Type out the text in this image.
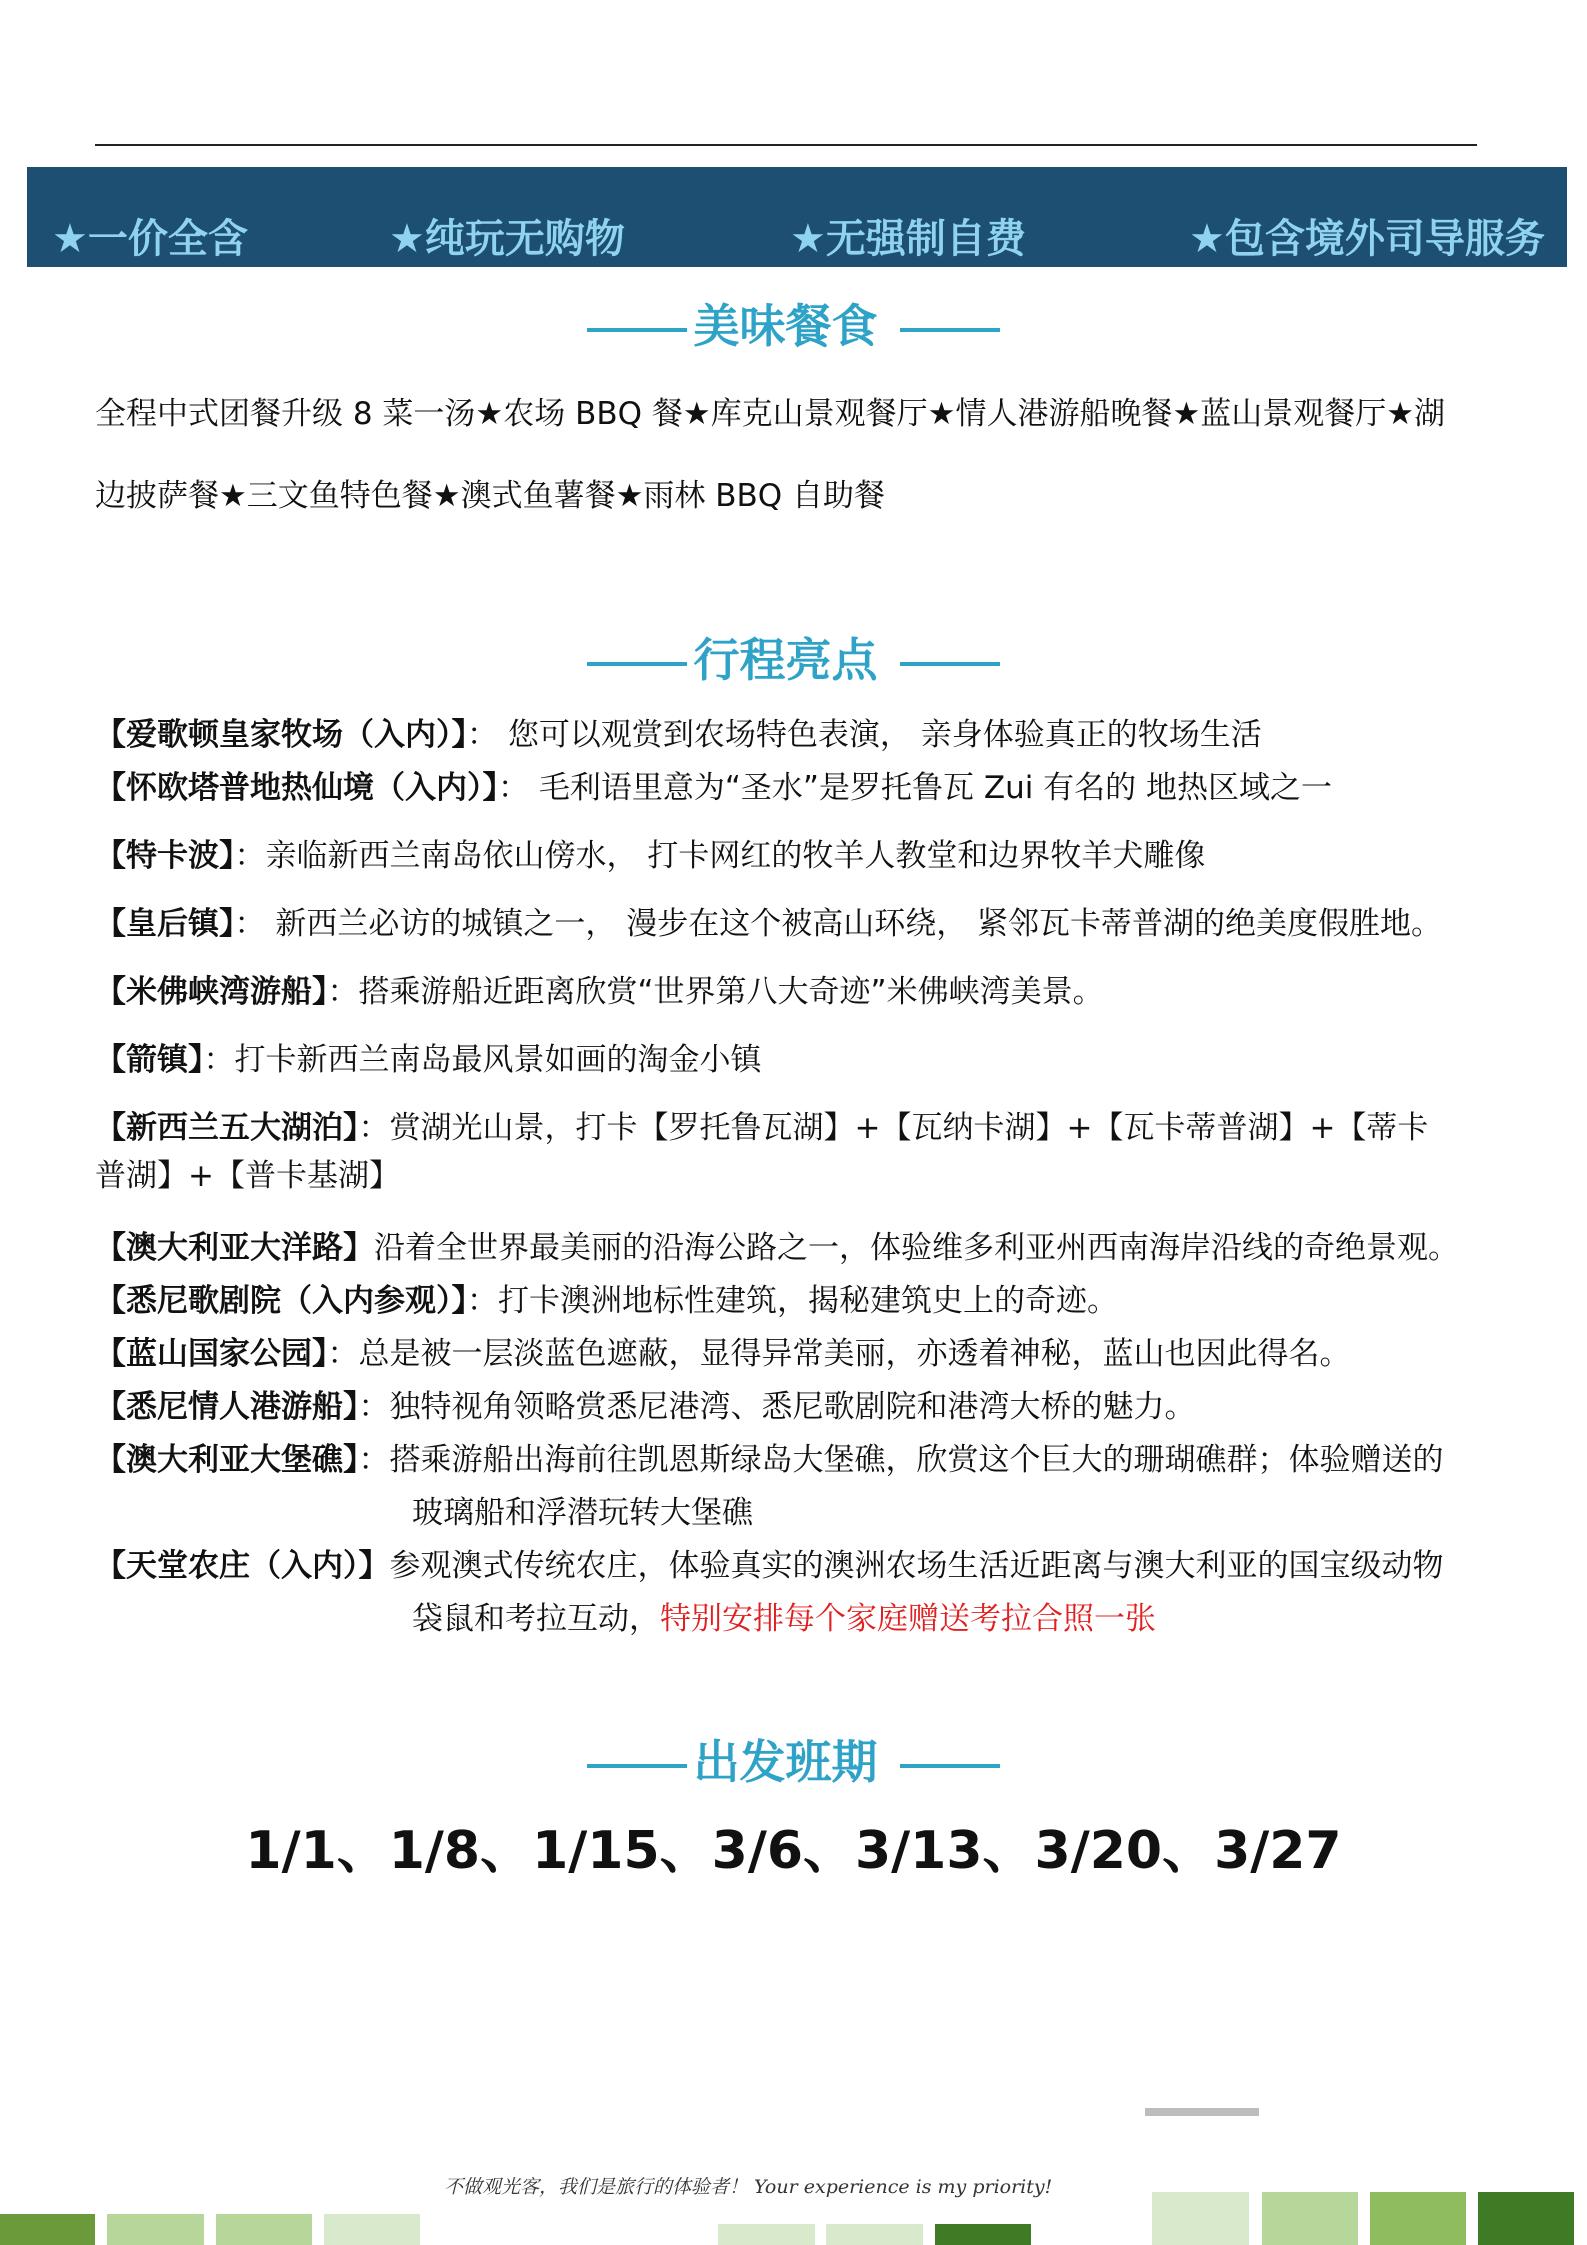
★一价全含	★纯玩无购物	★无强制自费	★包含境外司导服务
美味餐食
全程中式团餐升级 8 菜一汤★农场 BBQ 餐★库克山景观餐厅★情人港游船晚餐★蓝山景观餐厅★湖
边披萨餐★三文鱼特色餐★澳式鱼薯餐★雨林 BBQ 自助餐
行程亮点
【爱歌顿皇家牧场（入内）】： 您可以观赏到农场特色表演， 亲身体验真正的牧场生活
【怀欧塔普地热仙境（入内）】： 毛利语里意为“圣水”是罗托鲁瓦 Zui 有名的 地热区域之一
【特卡波】：亲临新西兰南岛依山傍水， 打卡网红的牧羊人教堂和边界牧羊犬雕像
【皇后镇】： 新西兰必访的城镇之一， 漫步在这个被高山环绕， 紧邻瓦卡蒂普湖的绝美度假胜地。
【米佛峡湾游船】：搭乘游船近距离欣赏“世界第八大奇迹”米佛峡湾美景。
【箭镇】：打卡新西兰南岛最风景如画的淘金小镇
【新西兰五大湖泊】：赏湖光山景，打卡【罗托鲁瓦湖】+【瓦纳卡湖】+【瓦卡蒂普湖】+【蒂卡
普湖】+【普卡基湖】
【澳大利亚大洋路】沿着全世界最美丽的沿海公路之一，体验维多利亚州西南海岸沿线的奇绝景观。
【悉尼歌剧院（入内参观）】：打卡澳洲地标性建筑，揭秘建筑史上的奇迹。
【蓝山国家公园】：总是被一层淡蓝色遮蔽，显得异常美丽，亦透着神秘，蓝山也因此得名。
【悉尼情人港游船】：独特视角领略赏悉尼港湾、悉尼歌剧院和港湾大桥的魅力。
【澳大利亚大堡礁】：搭乘游船出海前往凯恩斯绿岛大堡礁，欣赏这个巨大的珊瑚礁群；体验赠送的
玻璃船和浮潜玩转大堡礁
【天堂农庄（入内）】参观澳式传统农庄，体验真实的澳洲农场生活近距离与澳大利亚的国宝级动物
袋鼠和考拉互动，特别安排每个家庭赠送考拉合照一张
出发班期
1/1、1/8、1/15、3/6、3/13、3/20、3/27
不做观光客，我们是旅行的体验者！ Your experience is my priority!
